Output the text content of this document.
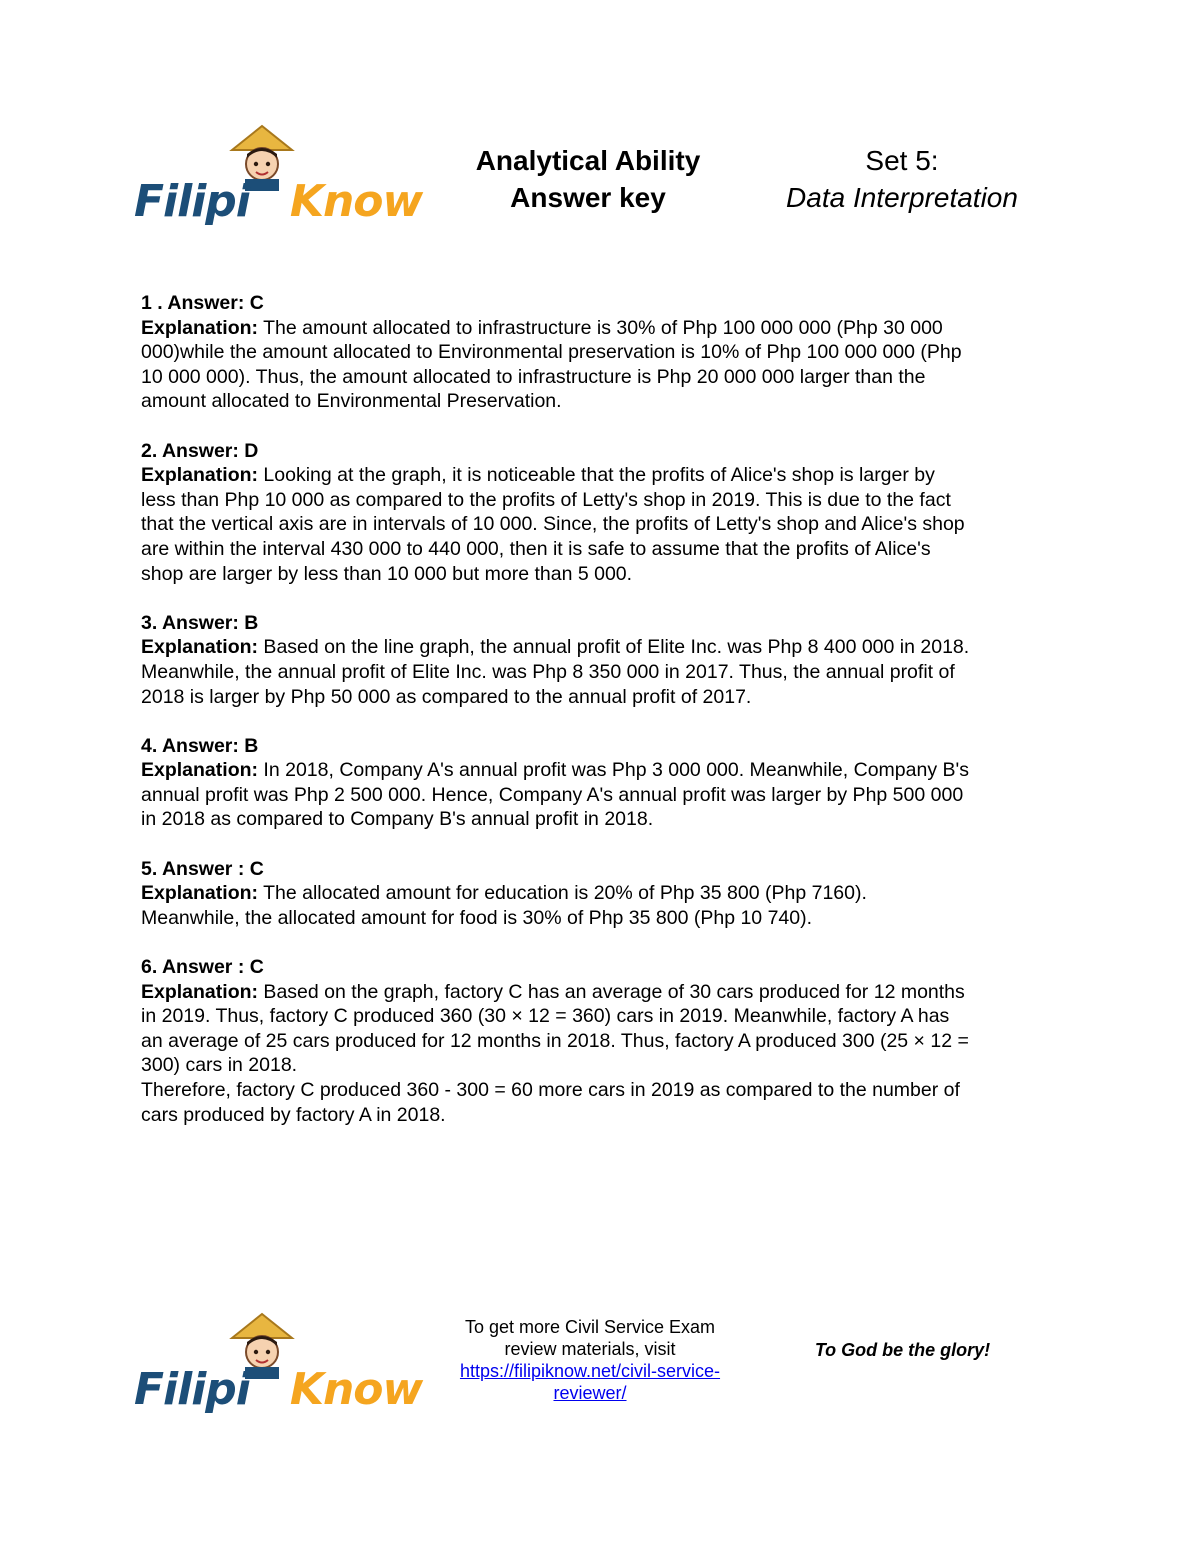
Filipi Know
Analytical Ability
Answer key
Set 5:
Data Interpretation
1 . Answer: C

Explanation: The amount allocated to infrastructure is 30% of Php 100 000 000 (Php 30 000
000)while the amount allocated to Environmental preservation is 10% of Php 100 000 000 (Php
10 000 000). Thus, the amount allocated to infrastructure is Php 20 000 000 larger than the
amount allocated to Environmental Preservation.

2. Answer: D

Explanation: Looking at the graph, it is noticeable that the profits of Alice's shop is larger by
less than Php 10 000 as compared to the profits of Letty's shop in 2019. This is due to the fact
that the vertical axis are in intervals of 10 000. Since, the profits of Letty's shop and Alice's shop
are within the interval 430 000 to 440 000, then it is safe to assume that the profits of Alice's
shop are larger by less than 10 000 but more than 5 000.

3. Answer: B

Explanation: Based on the line graph, the annual profit of Elite Inc. was Php 8 400 000 in 2018.
Meanwhile, the annual profit of Elite Inc. was Php 8 350 000 in 2017. Thus, the annual profit of
2018 is larger by Php 50 000 as compared to the annual profit of 2017.

4. Answer: B

Explanation: In 2018, Company A's annual profit was Php 3 000 000. Meanwhile, Company B's
annual profit was Php 2 500 000. Hence, Company A's annual profit was larger by Php 500 000
in 2018 as compared to Company B's annual profit in 2018.

5. Answer : C

Explanation: The allocated amount for education is 20% of Php 35 800 (Php 7160).
Meanwhile, the allocated amount for food is 30% of Php 35 800 (Php 10 740).

6. Answer : C

Explanation: Based on the graph, factory C has an average of 30 cars produced for 12 months
in 2019. Thus, factory C produced 360 (30 × 12 = 360) cars in 2019. Meanwhile, factory A has
an average of 25 cars produced for 12 months in 2018. Thus, factory A produced 300 (25 × 12 =
300) cars in 2018.
Therefore, factory C produced 360 - 300 = 60 more cars in 2019 as compared to the number of
cars produced by factory A in 2018.

Filipi Know
To get more Civil Service Exam
review materials, visit
https://filipiknow.net/civil-service-
reviewer/
To God be the glory!
